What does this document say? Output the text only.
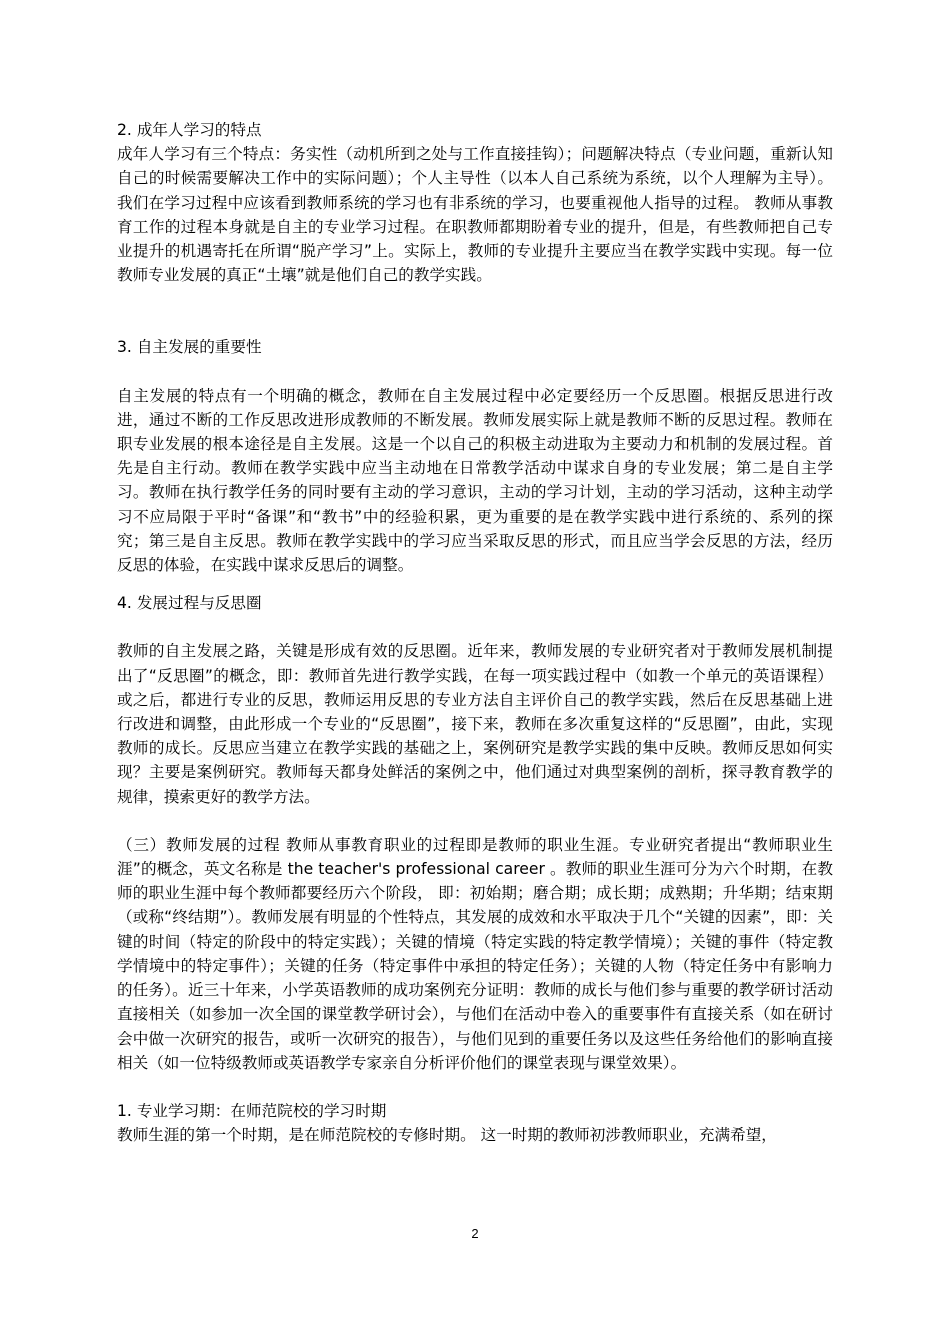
2. 成年人学习的特点

成年人学习有三个特点：务实性（动机所到之处与工作直接挂钩）；问题解决特点（专业问题，重新认知自己的时候需要解决工作中的实际问题）；个人主导性（以本人自己系统为系统，以个人理解为主导）。我们在学习过程中应该看到教师系统的学习也有非系统的学习，也要重视他人指导的过程。 教师从事教育工作的过程本身就是自主的专业学习过程。在职教师都期盼着专业的提升，但是，有些教师把自己专业提升的机遇寄托在所谓“脱产学习”上。实际上，教师的专业提升主要应当在教学实践中实现。每一位教师专业发展的真正“土壤”就是他们自己的教学实践。

3. 自主发展的重要性

自主发展的特点有一个明确的概念，教师在自主发展过程中必定要经历一个反思圈。根据反思进行改进，通过不断的工作反思改进形成教师的不断发展。教师发展实际上就是教师不断的反思过程。教师在职专业发展的根本途径是自主发展。这是一个以自己的积极主动进取为主要动力和机制的发展过程。首先是自主行动。教师在教学实践中应当主动地在日常教学活动中谋求自身的专业发展；第二是自主学习。教师在执行教学任务的同时要有主动的学习意识，主动的学习计划，主动的学习活动，这种主动学习不应局限于平时“备课”和“教书”中的经验积累，更为重要的是在教学实践中进行系统的、系列的探究；第三是自主反思。教师在教学实践中的学习应当采取反思的形式，而且应当学会反思的方法，经历反思的体验，在实践中谋求反思后的调整。

4. 发展过程与反思圈

教师的自主发展之路，关键是形成有效的反思圈。近年来，教师发展的专业研究者对于教师发展机制提出了“反思圈”的概念，即：教师首先进行教学实践，在每一项实践过程中（如教一个单元的英语课程）或之后，都进行专业的反思，教师运用反思的专业方法自主评价自己的教学实践，然后在反思基础上进行改进和调整，由此形成一个专业的“反思圈”，接下来，教师在多次重复这样的“反思圈”，由此，实现教师的成长。反思应当建立在教学实践的基础之上，案例研究是教学实践的集中反映。教师反思如何实现？主要是案例研究。教师每天都身处鲜活的案例之中，他们通过对典型案例的剖析，探寻教育教学的规律，摸索更好的教学方法。

（三）教师发展的过程 教师从事教育职业的过程即是教师的职业生涯。专业研究者提出“教师职业生涯”的概念，英文名称是 the teacher's professional career 。教师的职业生涯可分为六个时期，在教师的职业生涯中每个教师都要经历六个阶段， 即：初始期；磨合期；成长期；成熟期；升华期；结束期（或称“终结期”）。教师发展有明显的个性特点，其发展的成效和水平取决于几个“关键的因素”，即：关键的时间（特定的阶段中的特定实践）；关键的情境（特定实践的特定教学情境）；关键的事件（特定教学情境中的特定事件）；关键的任务（特定事件中承担的特定任务）；关键的人物（特定任务中有影响力的任务）。近三十年来，小学英语教师的成功案例充分证明：教师的成长与他们参与重要的教学研讨活动直接相关（如参加一次全国的课堂教学研讨会），与他们在活动中卷入的重要事件有直接关系（如在研讨会中做一次研究的报告，或听一次研究的报告），与他们见到的重要任务以及这些任务给他们的影响直接相关（如一位特级教师或英语教学专家亲自分析评价他们的课堂表现与课堂效果）。

1. 专业学习期：在师范院校的学习时期

教师生涯的第一个时期，是在师范院校的专修时期。 这一时期的教师初涉教师职业，充满希望，

2
